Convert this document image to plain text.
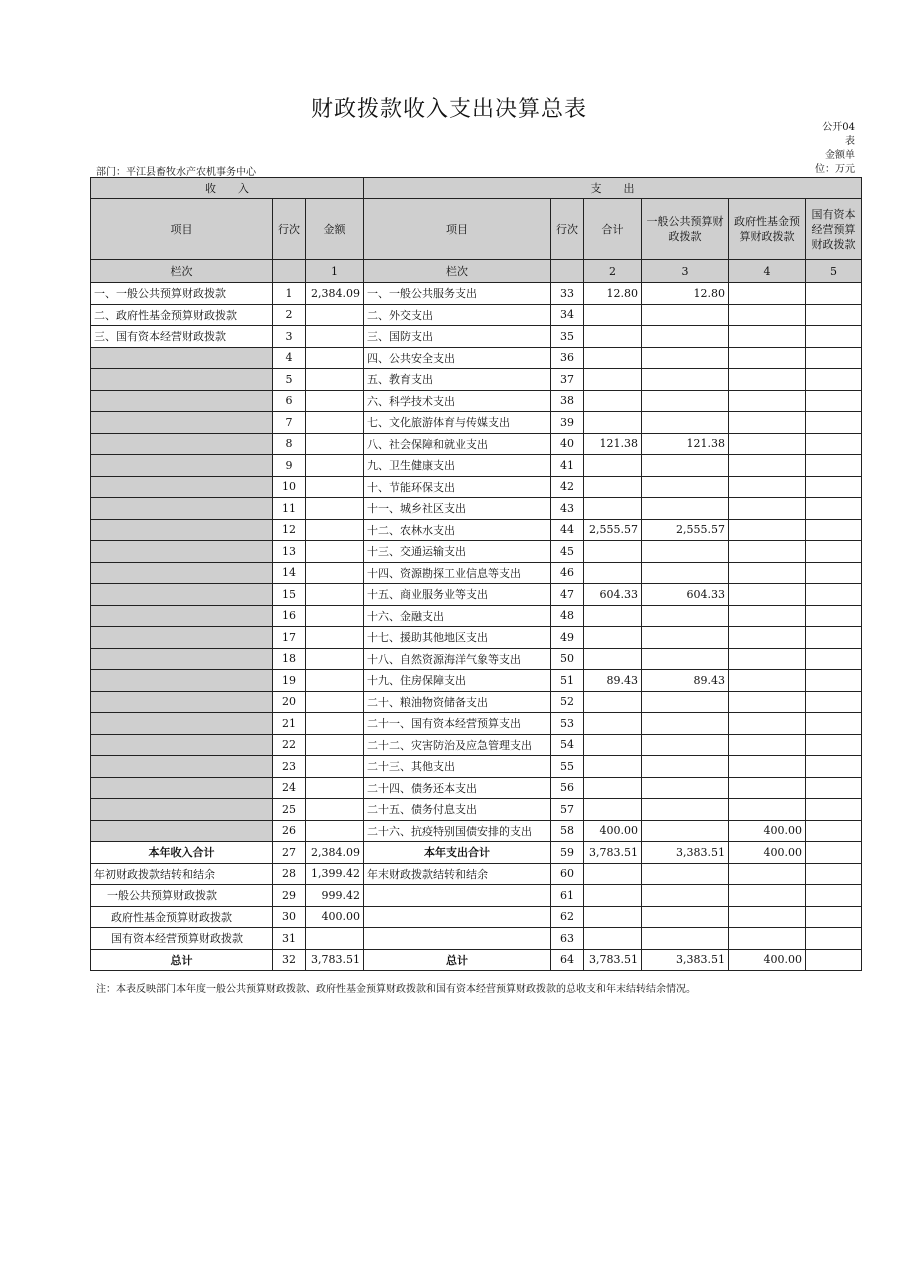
财政拨款收入支出决算总表
公开04表
金额单位：万元
部门：平江县畜牧水产农机事务中心
收　　入			支　　出					
项目	行次	金额	项目	行次	合计	一般公共预算财政拨款	政府性基金预算财政拨款	国有资本经营预算财政拨款
栏次		1	栏次		2	3	4	5
一、一般公共预算财政拨款	1	2,384.09	一、一般公共服务支出	33	12.80	12.80		
二、政府性基金预算财政拨款	2		二、外交支出	34				
三、国有资本经营财政拨款	3		三、国防支出	35				
	4		四、公共安全支出	36				
	5		五、教育支出	37				
	6		六、科学技术支出	38				
	7		七、文化旅游体育与传媒支出	39				
	8		八、社会保障和就业支出	40	121.38	121.38		
	9		九、卫生健康支出	41				
	10		十、节能环保支出	42				
	11		十一、城乡社区支出	43				
	12		十二、农林水支出	44	2,555.57	2,555.57		
	13		十三、交通运输支出	45				
	14		十四、资源勘探工业信息等支出	46				
	15		十五、商业服务业等支出	47	604.33	604.33		
	16		十六、金融支出	48				
	17		十七、援助其他地区支出	49				
	18		十八、自然资源海洋气象等支出	50				
	19		十九、住房保障支出	51	89.43	89.43		
	20		二十、粮油物资储备支出	52				
	21		二十一、国有资本经营预算支出	53				
	22		二十二、灾害防治及应急管理支出	54				
	23		二十三、其他支出	55				
	24		二十四、债务还本支出	56				
	25		二十五、债务付息支出	57				
	26		二十六、抗疫特别国债安排的支出	58	400.00		400.00	
本年收入合计	27	2,384.09	本年支出合计	59	3,783.51	3,383.51	400.00	
年初财政拨款结转和结余	28	1,399.42	年末财政拨款结转和结余	60				
一般公共预算财政拨款	29	999.42		61				
政府性基金预算财政拨款	30	400.00		62				
国有资本经营预算财政拨款	31			63				
总计	32	3,783.51	总计	64	3,783.51	3,383.51	400.00	
注：本表反映部门本年度一般公共预算财政拨款、政府性基金预算财政拨款和国有资本经营预算财政拨款的总收支和年末结转结余情况。
